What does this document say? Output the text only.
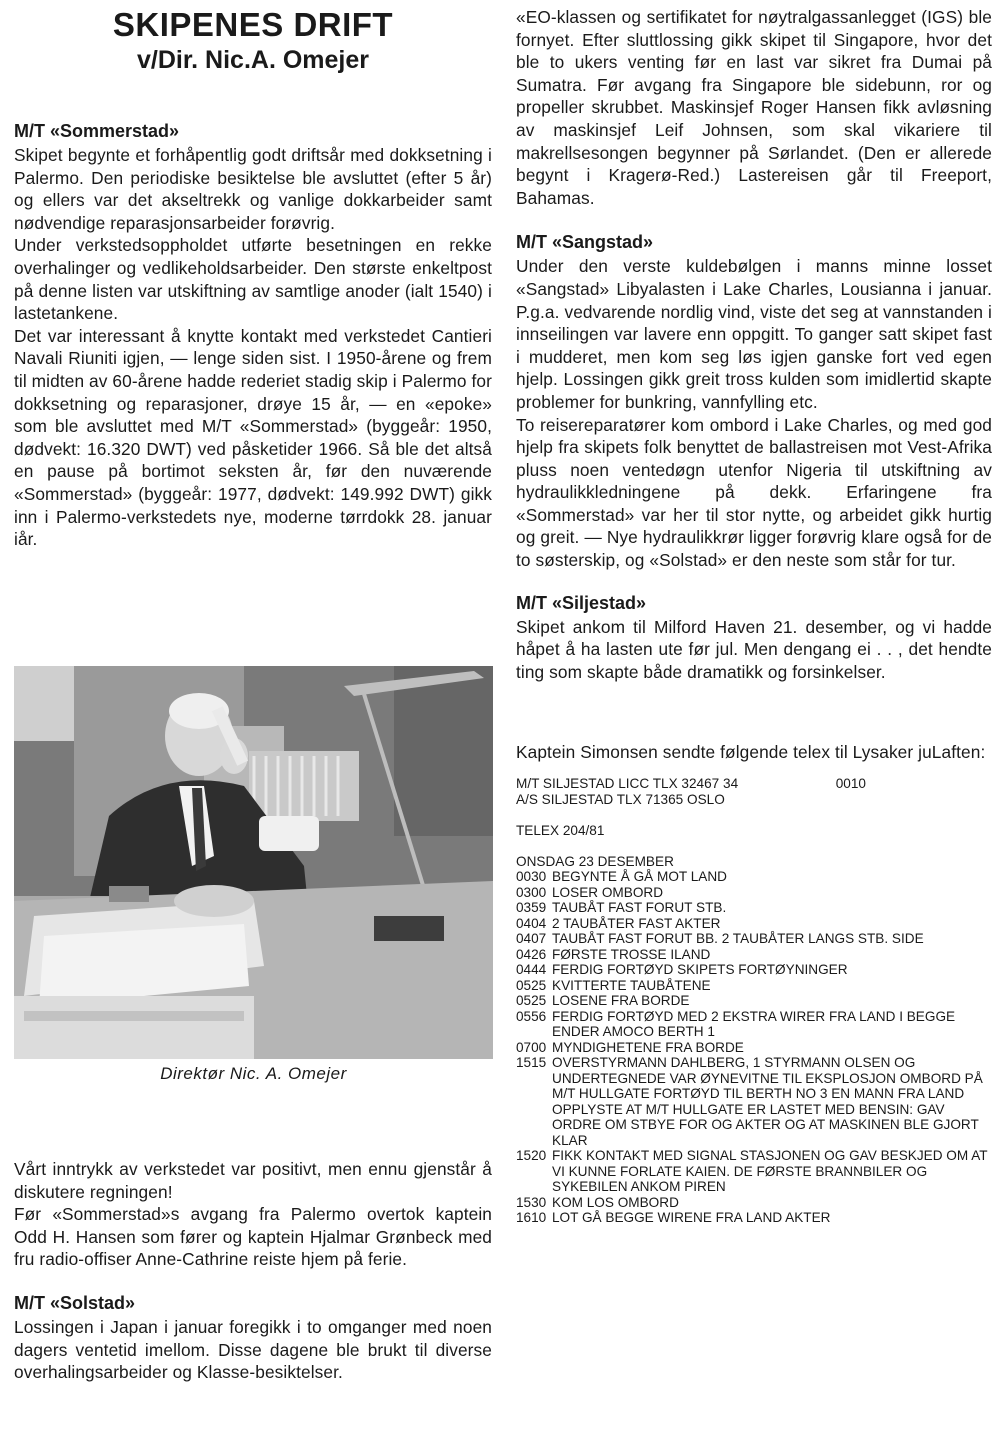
SKIPENES DRIFT
v/Dir. Nic.A. Omejer
M/T «Sommerstad»

Skipet begynte et forhåpentlig godt driftsår med dokksetning i Palermo. Den periodiske besiktelse ble avsluttet (efter 5 år) og ellers var det akseltrekk og vanlige dokkarbeider samt nødvendige reparasjonsarbeider forøvrig.

Under verkstedsoppholdet utførte besetningen en rekke overhalinger og vedlikeholdsarbeider. Den største enkeltpost på denne listen var utskiftning av samtlige anoder (ialt 1540) i lastetankene.

Det var interessant å knytte kontakt med verkstedet Cantieri Navali Riuniti igjen, — lenge siden sist. I 1950-årene og frem til midten av 60-årene hadde rederiet stadig skip i Palermo for dokksetning og reparasjoner, drøye 15 år, — en «epoke» som ble avsluttet med M/T «Sommerstad» (byggeår: 1950, dødvekt: 16.320 DWT) ved påsketider 1966. Så ble det altså en pause på bortimot seksten år, før den nuværende «Sommerstad» (byggeår: 1977, dødvekt: 149.992 DWT) gikk inn i Palermo-verkstedets nye, moderne tørrdokk 28. januar iår.

Direktør Nic. A. Omejer

Vårt inntrykk av verkstedet var positivt, men ennu gjenstår å diskutere regningen!

Før «Sommerstad»s avgang fra Palermo overtok kaptein Odd H. Hansen som fører og kaptein Hjalmar Grønbeck med fru radio-offiser Anne-Cathrine reiste hjem på ferie.

M/T «Solstad»

Lossingen i Japan i januar foregikk i to omganger med noen dagers ventetid imellom. Disse dagene ble brukt til diverse overhalingsarbeider og Klasse-besiktelser.

«EO-klassen og sertifikatet for nøytralgassanlegget (IGS) ble fornyet. Efter sluttlossing gikk skipet til Singapore, hvor det ble to ukers venting før en last var sikret fra Dumai på Sumatra. Før avgang fra Singapore ble sidebunn, ror og propeller skrubbet. Maskinsjef Roger Hansen fikk avløsning av maskinsjef Leif Johnsen, som skal vikariere til makrellsesongen begynner på Sørlandet. (Den er allerede begynt i Kragerø-Red.) Lastereisen går til Freeport, Bahamas.

M/T «Sangstad»

Under den verste kuldebølgen i manns minne losset «Sangstad» Libyalasten i Lake Charles, Lousianna i januar. P.g.a. vedvarende nordlig vind, viste det seg at vannstanden i innseilingen var lavere enn oppgitt. To ganger satt skipet fast i mudderet, men kom seg løs igjen ganske fort ved egen hjelp. Lossingen gikk greit tross kulden som imidlertid skapte problemer for bunkring, vannfylling etc.

To reisereparatører kom ombord i Lake Charles, og med god hjelp fra skipets folk benyttet de ballastreisen mot Vest-Afrika pluss noen ventedøgn utenfor Nigeria til utskiftning av hydraulikkledningene på dekk. Erfaringene fra «Sommerstad» var her til stor nytte, og arbeidet gikk hurtig og greit. — Nye hydraulikkrør ligger forøvrig klare også for de to søsterskip, og «Solstad» er den neste som står for tur.

M/T «Siljestad»

Skipet ankom til Milford Haven 21. desember, og vi hadde håpet å ha lasten ute før jul. Men dengang ei . . , det hendte ting som skapte både dramatikk og forsinkelser.

Kaptein Simonsen sendte følgende telex til Lysaker juLaften:

M/T SILJESTAD LICC TLX 32467 34	0010
A/S SILJESTAD TLX 71365 OSLO
TELEX 204/81
ONSDAG 23 DESEMBER
0030 BEGYNTE Å GÅ MOT LAND
0300 LOSER OMBORD
0359 TAUBÅT FAST FORUT STB.
0404 2 TAUBÅTER FAST AKTER
0407 TAUBÅT FAST FORUT BB. 2 TAUBÅTER LANGS STB. SIDE
0426 FØRSTE TROSSE ILAND
0444 FERDIG FORTØYD SKIPETS FORTØYNINGER
0525 KVITTERTE TAUBÅTENE
0525 LOSENE FRA BORDE
0556 FERDIG FORTØYD MED 2 EKSTRA WIRER FRA LAND I BEGGE ENDER AMOCO BERTH 1
0700 MYNDIGHETENE FRA BORDE
1515 OVERSTYRMANN DAHLBERG, 1 STYRMANN OLSEN OG UNDERTEGNEDE VAR ØYNEVITNE TIL EKSPLOSJON OMBORD PÅ M/T HULLGATE FORTØYD TIL BERTH NO 3 EN MANN FRA LAND OPPLYSTE AT M/T HULLGATE ER LASTET MED BENSIN: GAV ORDRE OM STBYE FOR OG AKTER OG AT MASKINEN BLE GJORT KLAR
1520 FIKK KONTAKT MED SIGNAL STASJONEN OG GAV BESKJED OM AT VI KUNNE FORLATE KAIEN. DE FØRSTE BRANNBILER OG SYKEBILEN ANKOM PIREN
1530 KOM LOS OMBORD
1610 LOT GÅ BEGGE WIRENE FRA LAND AKTER
